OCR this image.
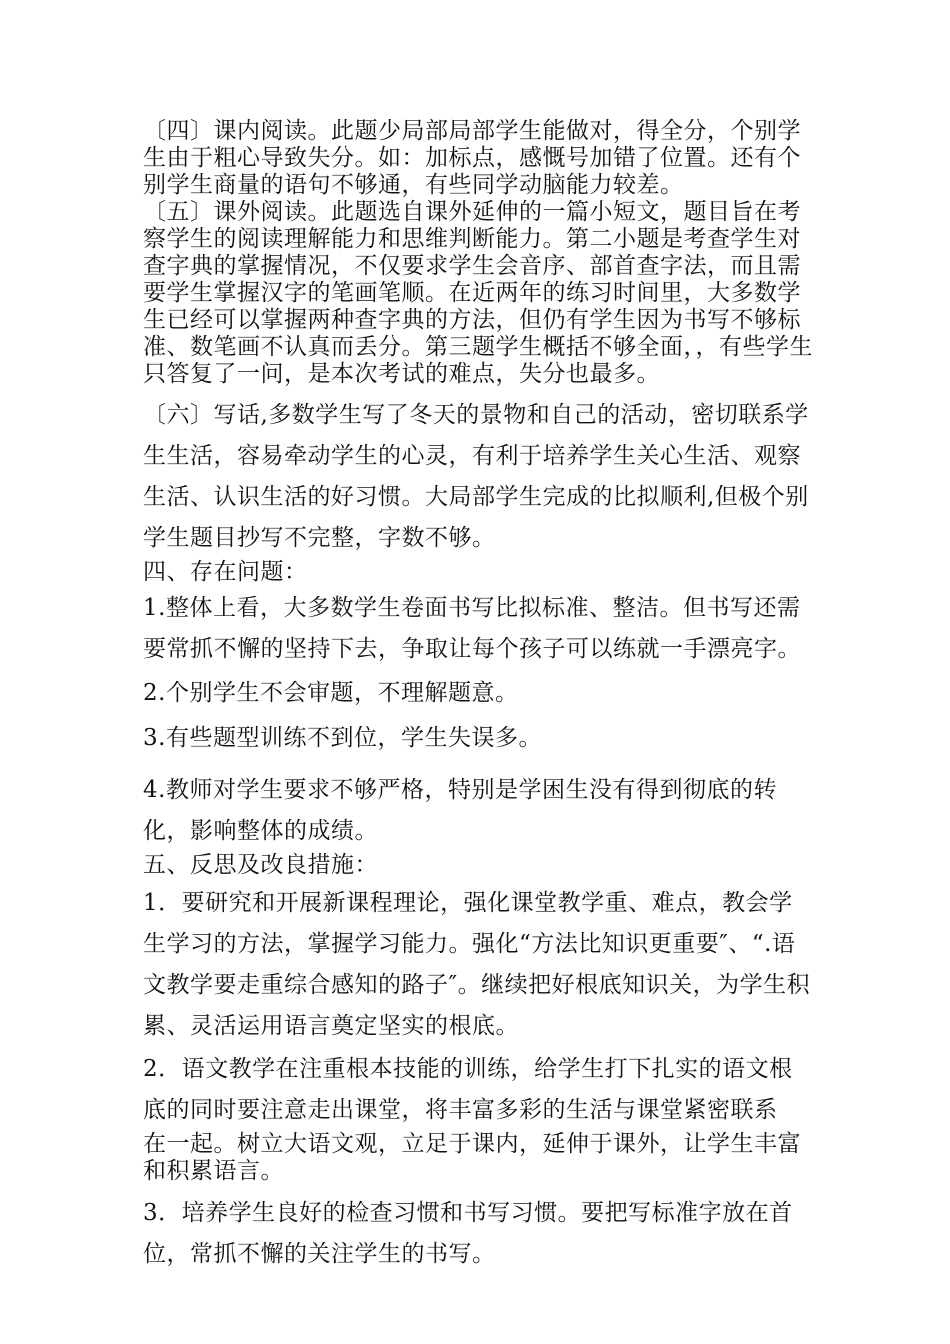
〔四〕课内阅读。此题少局部局部学生能做对，得全分，个别学生由于粗心导致失分。如：加标点，感慨号加错了位置。还有个别学生商量的语句不够通，有些同学动脑能力较差。

〔五〕课外阅读。此题选自课外延伸的一篇小短文，题目旨在考察学生的阅读理解能力和思维判断能力。第二小题是考查学生对查字典的掌握情况，不仅要求学生会音序、部首查字法，而且需要学生掌握汉字的笔画笔顺。在近两年的练习时间里，大多数学生已经可以掌握两种查字典的方法，但仍有学生因为书写不够标准、数笔画不认真而丢分。第三题学生概括不够全面，，有些学生只答复了一问，是本次考试的难点，失分也最多。

〔六〕写话,多数学生写了冬天的景物和自己的活动，密切联系学生生活，容易牵动学生的心灵，有利于培养学生关心生活、观察生活、认识生活的好习惯。大局部学生完成的比拟顺利,但极个别学生题目抄写不完整，字数不够。

四、存在问题：

1.整体上看，大多数学生卷面书写比拟标准、整洁。但书写还需要常抓不懈的坚持下去，争取让每个孩子可以练就一手漂亮字。

2.个别学生不会审题，不理解题意。

3.有些题型训练不到位，学生失误多。

4.教师对学生要求不够严格，特别是学困生没有得到彻底的转化，影响整体的成绩。

五、反思及改良措施：

1．要研究和开展新课程理论，强化课堂教学重、难点，教会学生学习的方法，掌握学习能力。强化“方法比知识更重要″、“.语文教学要走重综合感知的路子″。继续把好根底知识关，为学生积累、灵活运用语言奠定坚实的根底。

2．语文教学在注重根本技能的训练，给学生打下扎实的语文根底的同时要注意走出课堂，将丰富多彩的生活与课堂紧密联系

在一起。树立大语文观，立足于课内，延伸于课外，让学生丰富和积累语言。

3．培养学生良好的检查习惯和书写习惯。要把写标准字放在首位，常抓不懈的关注学生的书写。
